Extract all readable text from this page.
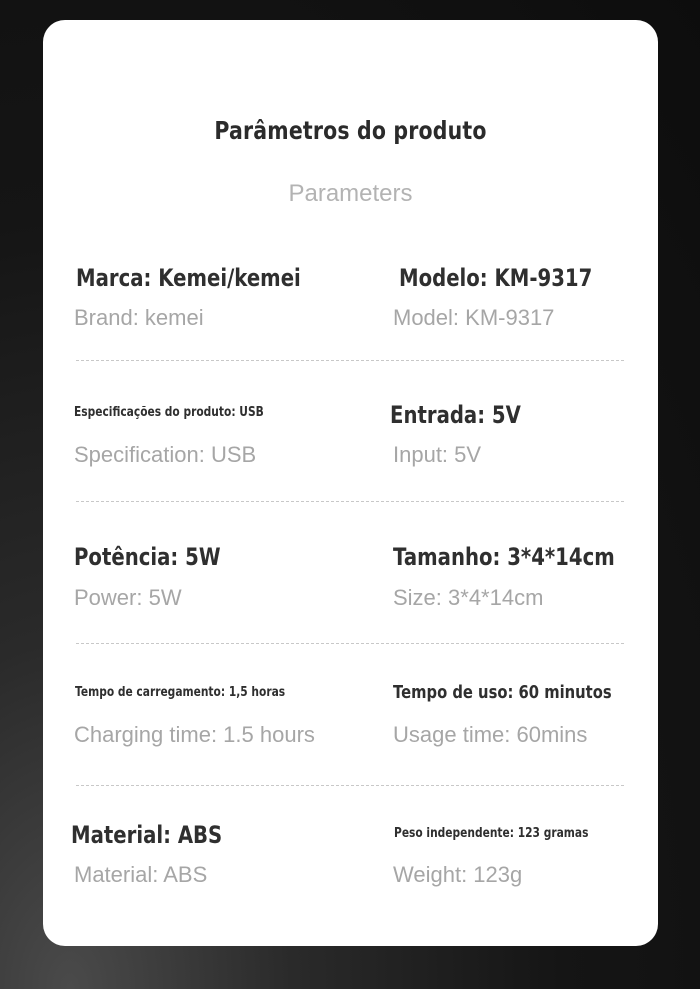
Parâmetros do produto
Parameters
Marca: Kemei/kemei
Brand: kemei
Modelo: KM-9317
Model: KM-9317
Especificações do produto: USB
Specification: USB
Entrada: 5V
Input: 5V
Potência: 5W
Power: 5W
Tamanho: 3*4*14cm
Size: 3*4*14cm
Tempo de carregamento: 1,5 horas
Charging time: 1.5 hours
Tempo de uso: 60 minutos
Usage time: 60mins
Material: ABS
Material: ABS
Peso independente: 123 gramas
Weight: 123g
